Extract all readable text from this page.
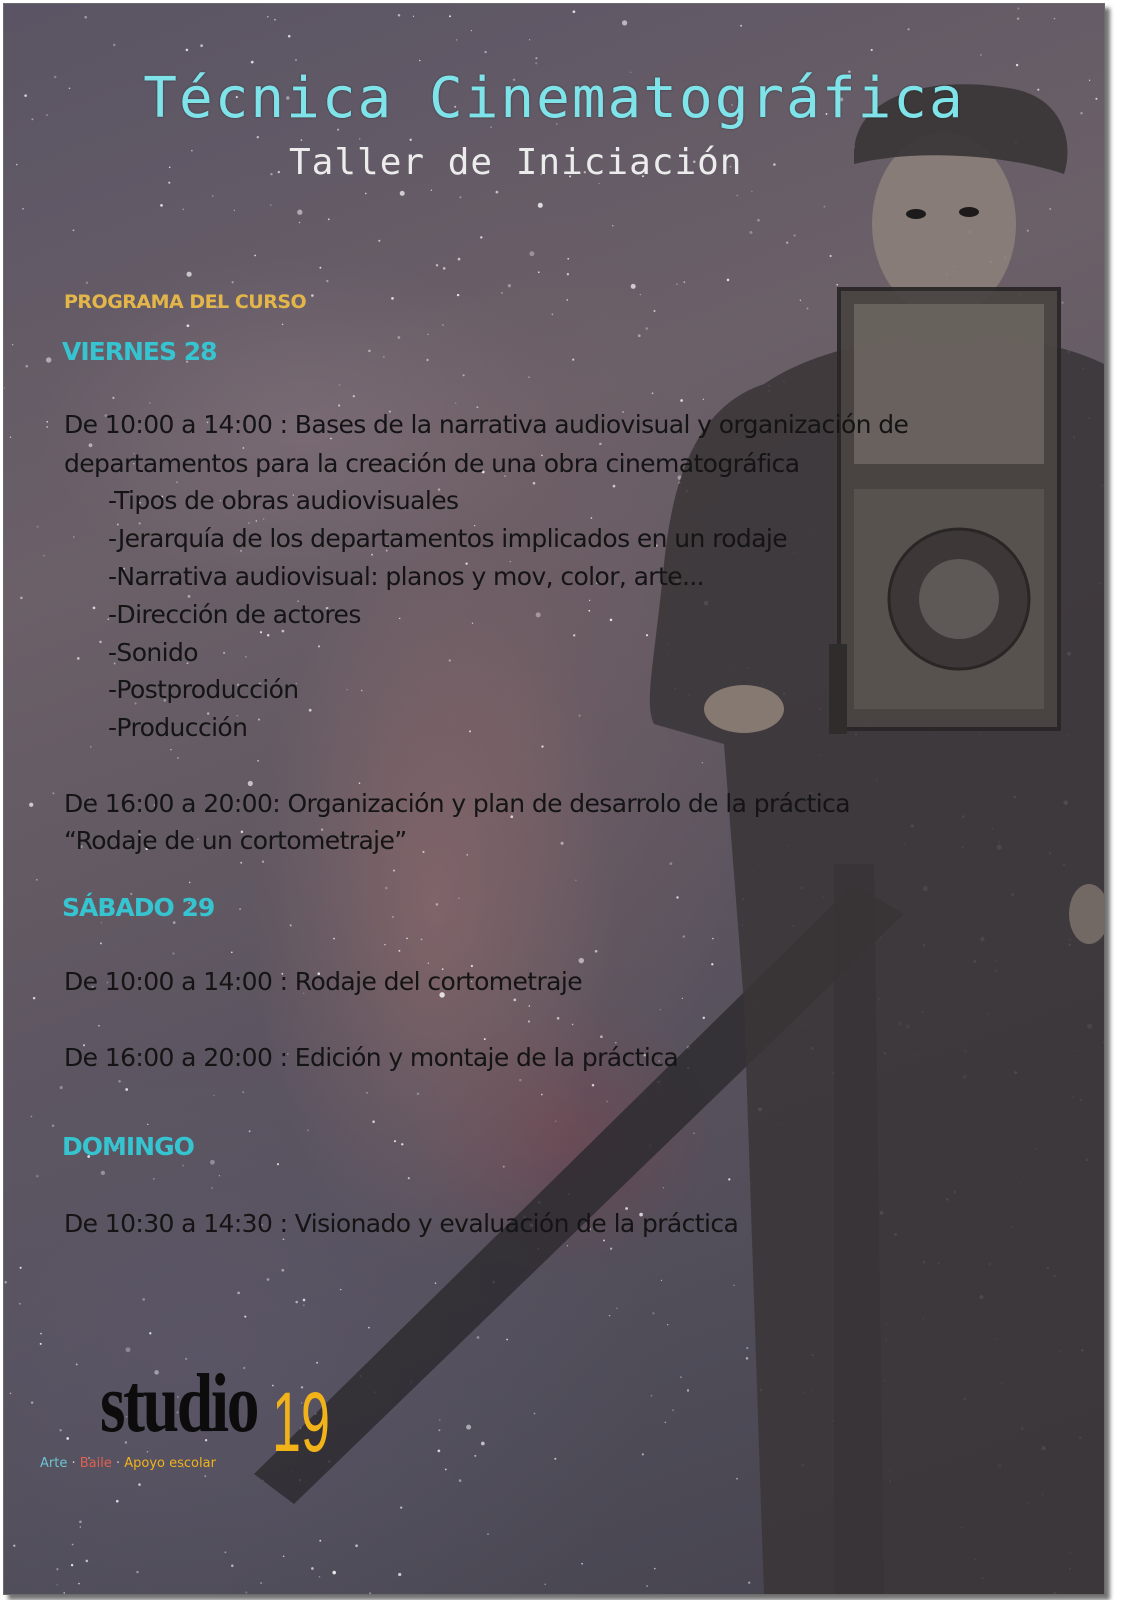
Técnica Cinematográfica
Taller de Iniciación
PROGRAMA DEL CURSO
VIERNES 28
De 10:00 a 14:00 : Bases de la narrativa audiovisual y organización de
departamentos para la creación de una obra cinematográfica
-Tipos de obras audiovisuales
-Jerarquía de los departamentos implicados en un rodaje
-Narrativa audiovisual: planos y mov, color, arte...
-Dirección de actores
-Sonido
-Postproducción
-Producción
De 16:00 a 20:00: Organización y plan de desarrolo de la práctica
“Rodaje de un cortometraje”
SÁBADO 29
De 10:00 a 14:00 : Rodaje del cortometraje
De 16:00 a 20:00 : Edición y montaje de la práctica
DOMINGO
De 10:30 a 14:30 : Visionado y evaluación de la práctica
studio 19
Arte · Baile · Apoyo escolar
